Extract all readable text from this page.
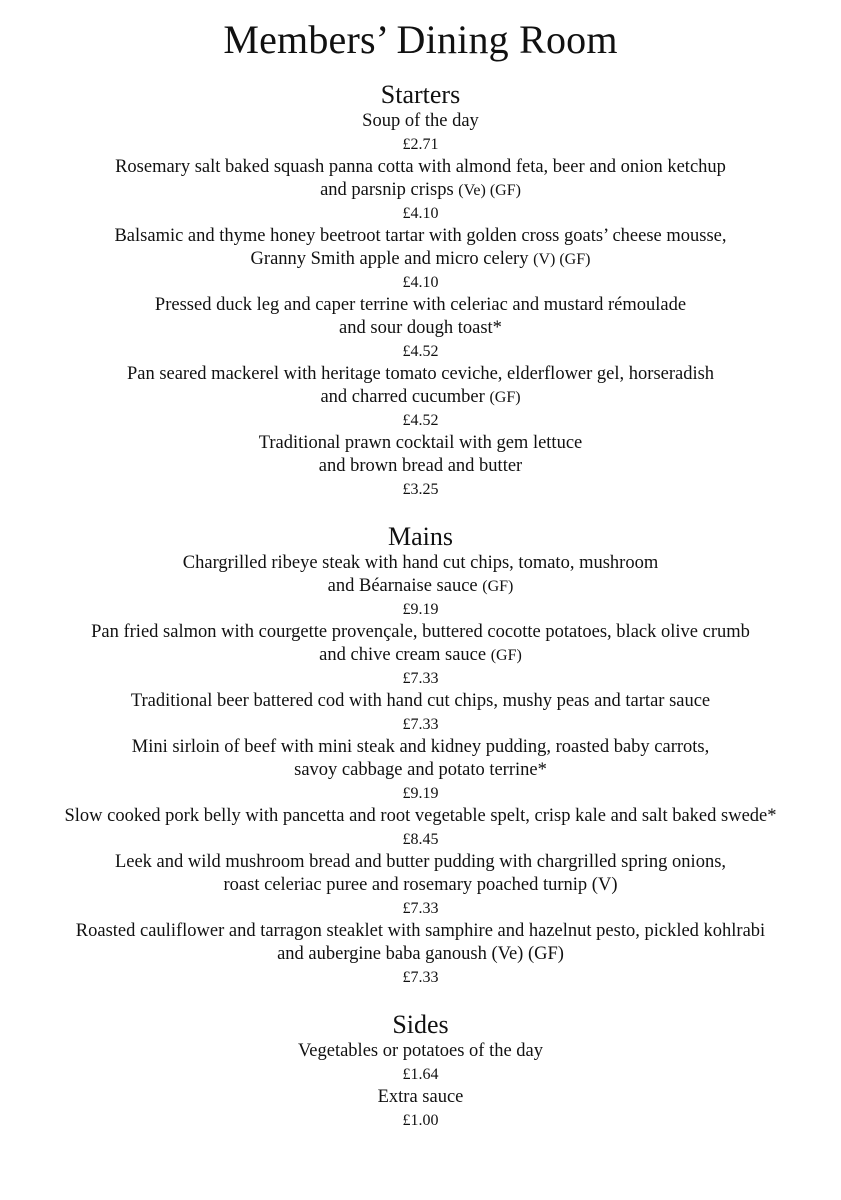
Members’ Dining Room
Starters
Soup of the day
£2.71
Rosemary salt baked squash panna cotta with almond feta, beer and onion ketchup
and parsnip crisps (Ve) (GF)
£4.10
Balsamic and thyme honey beetroot tartar with golden cross goats’ cheese mousse,
Granny Smith apple and micro celery (V) (GF)
£4.10
Pressed duck leg and caper terrine with celeriac and mustard rémoulade
and sour dough toast*
£4.52
Pan seared mackerel with heritage tomato ceviche, elderflower gel, horseradish
and charred cucumber (GF)
£4.52
Traditional prawn cocktail with gem lettuce
and brown bread and butter
£3.25
Mains
Chargrilled ribeye steak with hand cut chips, tomato, mushroom
and Béarnaise sauce (GF)
£9.19
Pan fried salmon with courgette provençale, buttered cocotte potatoes, black olive crumb
and chive cream sauce (GF)
£7.33
Traditional beer battered cod with hand cut chips, mushy peas and tartar sauce
£7.33
Mini sirloin of beef with mini steak and kidney pudding, roasted baby carrots,
savoy cabbage and potato terrine*
£9.19
Slow cooked pork belly with pancetta and root vegetable spelt, crisp kale and salt baked swede*
£8.45
Leek and wild mushroom bread and butter pudding with chargrilled spring onions,
roast celeriac puree and rosemary poached turnip (V)
£7.33
Roasted cauliflower and tarragon steaklet with samphire and hazelnut pesto, pickled kohlrabi
and aubergine baba ganoush (Ve) (GF)
£7.33
Sides
Vegetables or potatoes of the day
£1.64
Extra sauce
£1.00
